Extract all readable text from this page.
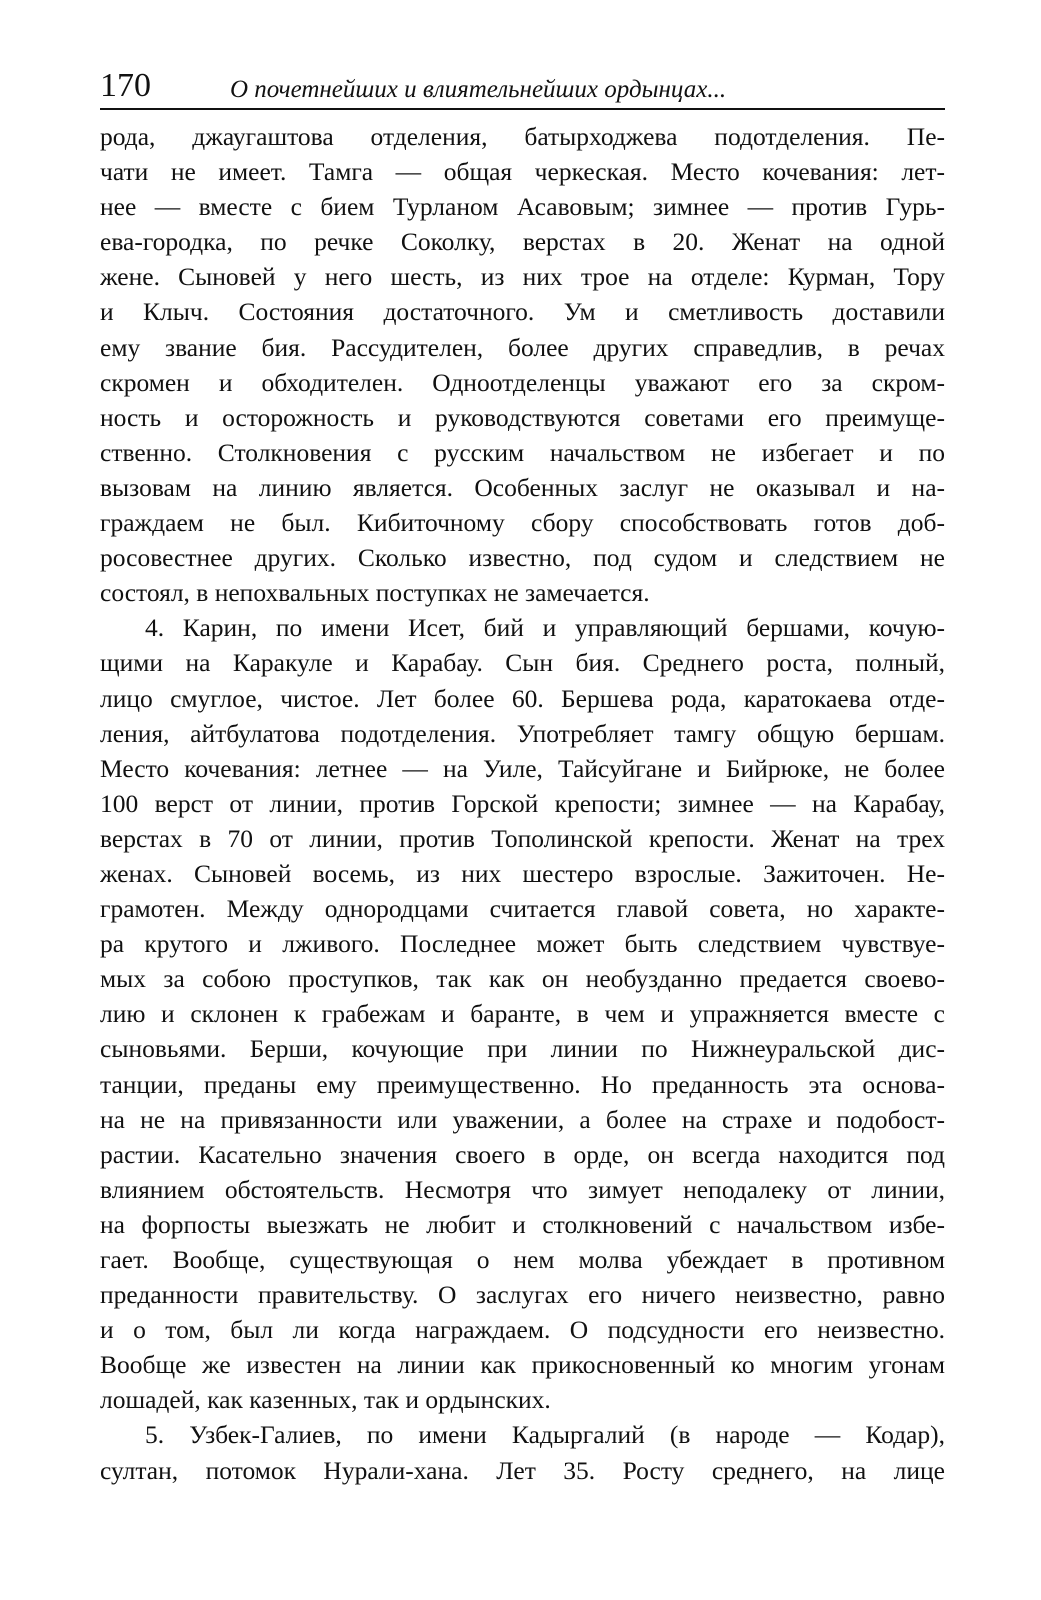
170	О почетнейших и влиятельнейших ордынцах...
рода, джаугаштова отделения, батырходжева подотделения. Пе-
чати не имеет. Тамга — общая черкеская. Место кочевания: лет-
нее — вместе с бием Турланом Асавовым; зимнее — против Гурь-
ева-городка, по речке Соколку, верстах в 20. Женат на одной
жене. Сыновей у него шесть, из них трое на отделе: Курман, Тору
и Клыч. Состояния достаточного. Ум и сметливость доставили
ему звание бия. Рассудителен, более других справедлив, в речах
скромен и обходителен. Одноотделенцы уважают его за скром-
ность и осторожность и руководствуются советами его преимуще-
ственно. Столкновения с русским начальством не избегает и по
вызовам на линию является. Особенных заслуг не оказывал и на-
граждаем не был. Кибиточному сбору способствовать готов доб-
росовестнее других. Сколько известно, под судом и следствием не
состоял, в непохвальных поступках не замечается.
4. Карин, по имени Исет, бий и управляющий бершами, кочую-
щими на Каракуле и Карабау. Сын бия. Среднего роста, полный,
лицо смуглое, чистое. Лет более 60. Бершева рода, каратокаева отде-
ления, айтбулатова подотделения. Употребляет тамгу общую бершам.
Место кочевания: летнее — на Уиле, Тайсуйгане и Бийрюке, не более
100 верст от линии, против Горской крепости; зимнее — на Карабау,
верстах в 70 от линии, против Тополинской крепости. Женат на трех
женах. Сыновей восемь, из них шестеро взрослые. Зажиточен. Не-
грамотен. Между однородцами считается главой совета, но характе-
ра крутого и лживого. Последнее может быть следствием чувствуе-
мых за собою проступков, так как он необузданно предается своево-
лию и склонен к грабежам и баранте, в чем и упражняется вместе с
сыновьями. Берши, кочующие при линии по Нижнеуральской дис-
танции, преданы ему преимущественно. Но преданность эта основа-
на не на привязанности или уважении, а более на страхе и подобост-
растии. Касательно значения своего в орде, он всегда находится под
влиянием обстоятельств. Несмотря что зимует неподалеку от линии,
на форпосты выезжать не любит и столкновений с начальством избе-
гает. Вообще, существующая о нем молва убеждает в противном
преданности правительству. О заслугах его ничего неизвестно, равно
и о том, был ли когда награждаем. О подсудности его неизвестно.
Вообще же известен на линии как прикосновенный ко многим угонам
лошадей, как казенных, так и ордынских.
5. Узбек-Галиев, по имени Кадыргалий (в народе — Кодар),
султан, потомок Нурали-хана. Лет 35. Росту среднего, на лице
